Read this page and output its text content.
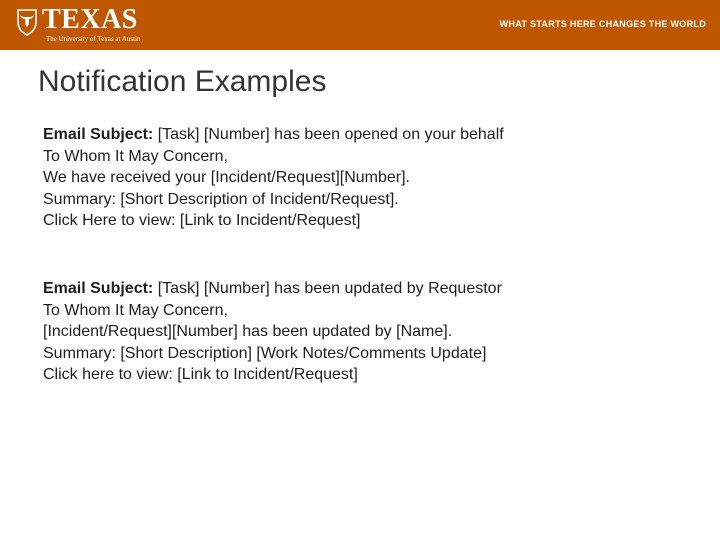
TEXAS
The University of Texas at Austin
WHAT STARTS HERE CHANGES THE WORLD
Notification Examples
Email Subject: [Task] [Number] has been opened on your behalf
To Whom It May Concern,
We have received your [Incident/Request][Number].
Summary: [Short Description of Incident/Request].
Click Here to view: [Link to Incident/Request]
Email Subject: [Task] [Number] has been updated by Requestor
To Whom It May Concern,
[Incident/Request][Number] has been updated by [Name].
Summary: [Short Description] [Work Notes/Comments Update]
Click here to view: [Link to Incident/Request]
